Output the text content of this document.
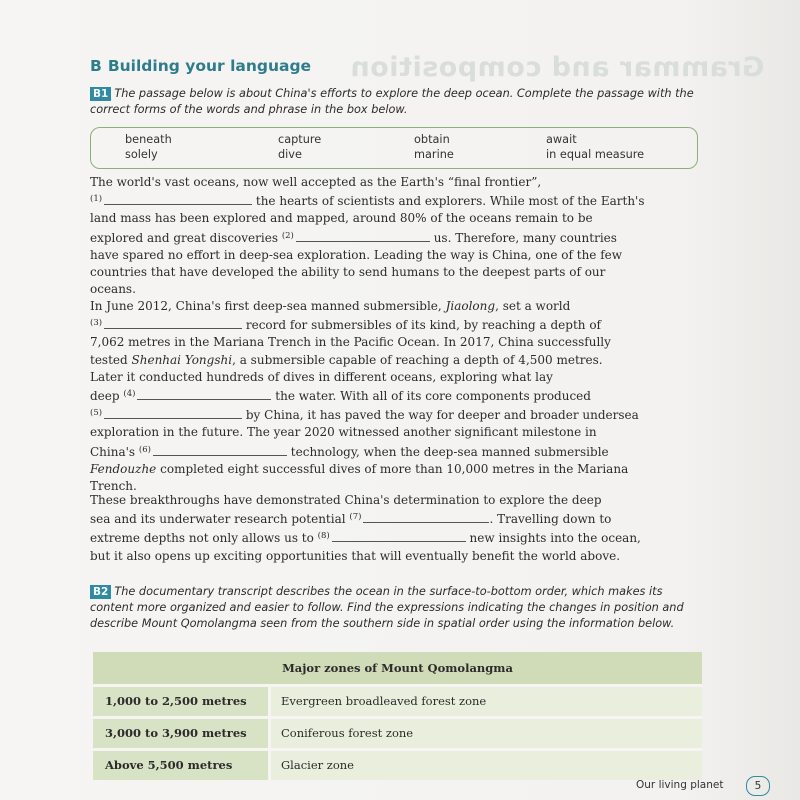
Grammar and composition
B Building your language
B1 The passage below is about China's efforts to explore the deep ocean. Complete the passage with the correct forms of the words and phrase in the box below.
beneath	capture	obtain	await
solely	dive	marine	in equal measure

The world's vast oceans, now well accepted as the Earth's “final frontier”,

$^{(1)}$	the hearts of scientists and explorers. While most of the Earth's

land mass has been explored and mapped, around 80% of the oceans remain to be

explored and great discoveries $^{(2)}$	us. Therefore, many countries

have spared no effort in deep-sea exploration. Leading the way is China, one of the few

countries that have developed the ability to send humans to the deepest parts of our

oceans.

In June 2012, China's first deep-sea manned submersible, Jiaolong, set a world

$^{(3)}$	record for submersibles of its kind, by reaching a depth of

7,062 metres in the Mariana Trench in the Pacific Ocean. In 2017, China successfully

tested Shenhai Yongshi, a submersible capable of reaching a depth of 4,500 metres.

Later it conducted hundreds of dives in different oceans, exploring what lay

deep $^{(4)}$	the water. With all of its core components produced

$^{(5)}$	by China, it has paved the way for deeper and broader undersea

exploration in the future. The year 2020 witnessed another significant milestone in

China's $^{(6)}$	technology, when the deep-sea manned submersible

Fendouzhe completed eight successful dives of more than 10,000 metres in the Mariana

Trench.

These breakthroughs have demonstrated China's determination to explore the deep

sea and its underwater research potential $^{(7)}$	. Travelling down to

extreme depths not only allows us to $^{(8)}$	new insights into the ocean,

but it also opens up exciting opportunities that will eventually benefit the world above.

B2 The documentary transcript describes the ocean in the surface-to-bottom order, which makes its content more organized and easier to follow. Find the expressions indicating the changes in position and describe Mount Qomolangma seen from the southern side in spatial order using the information below.
Major zones of Mount Qomolangma
1,000 to 2,500 metres	Evergreen broadleaved forest zone
3,000 to 3,900 metres	Coniferous forest zone
Above 5,500 metres	Glacier zone
Our living planet	5
